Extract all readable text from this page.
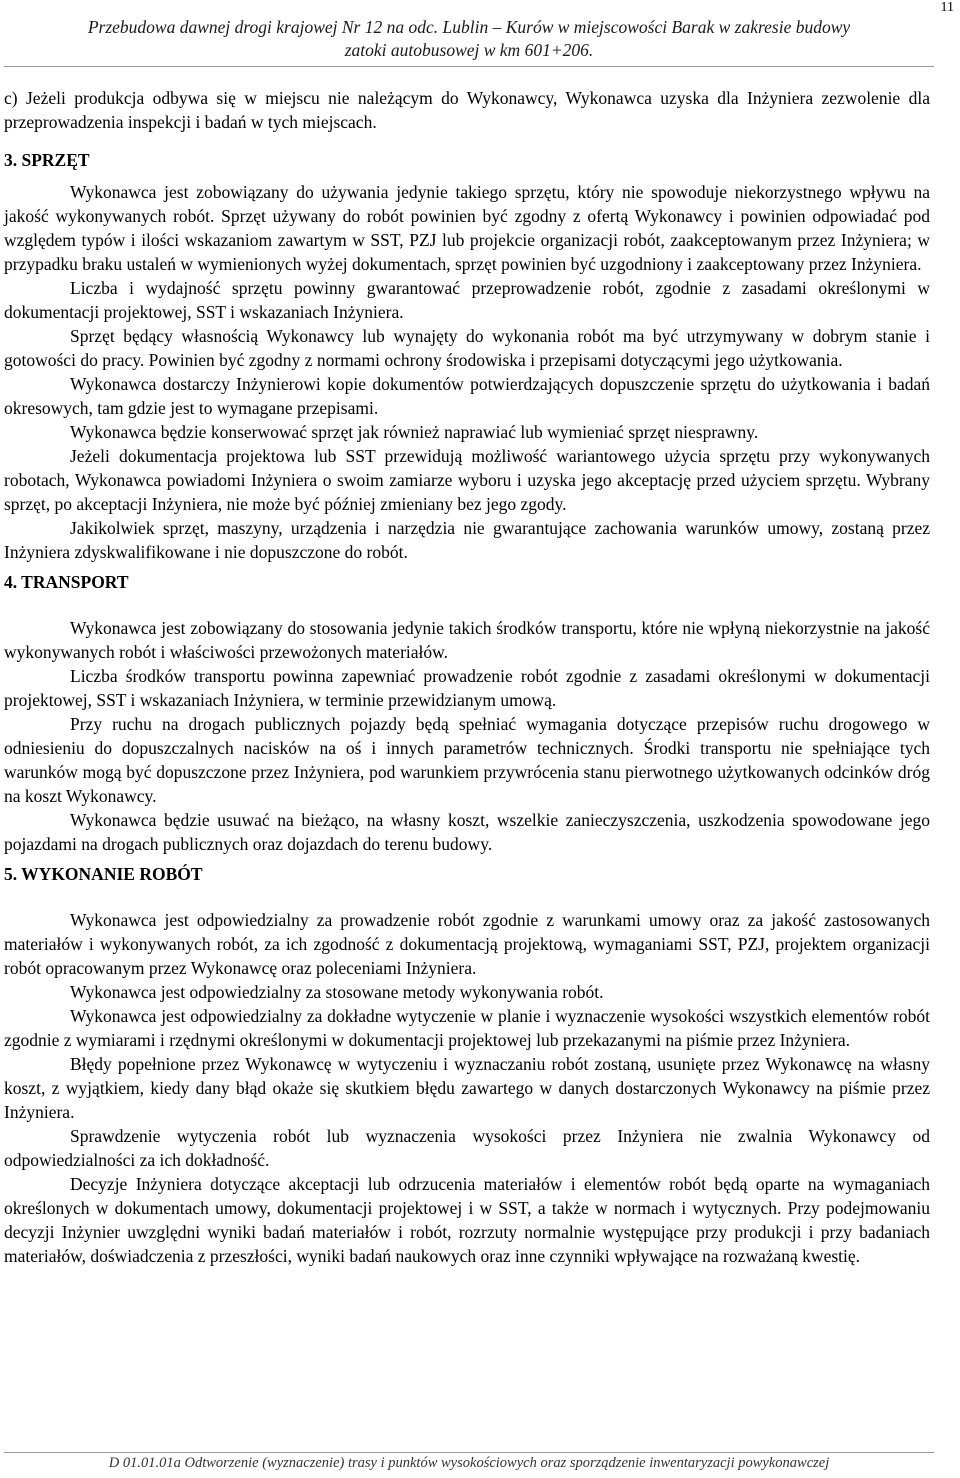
11
Przebudowa dawnej drogi krajowej Nr 12 na odc. Lublin – Kurów w miejscowości Barak w zakresie budowy
zatoki autobusowej w km 601+206.

c) Jeżeli produkcja odbywa się w miejscu nie należącym do Wykonawcy, Wykonawca uzyska dla Inżyniera zezwolenie dla przeprowadzenia inspekcji i badań w tych miejscach.

3. SPRZĘT

Wykonawca jest zobowiązany do używania jedynie takiego sprzętu, który nie spowoduje niekorzystnego wpływu na jakość wykonywanych robót. Sprzęt używany do robót powinien być zgodny z ofertą Wykonawcy i powinien odpowiadać pod względem typów i ilości wskazaniom zawartym w SST, PZJ lub projekcie organizacji robót, zaakceptowanym przez Inżyniera; w przypadku braku ustaleń w wymienionych wyżej dokumentach, sprzęt powinien być uzgodniony i zaakceptowany przez Inżyniera.

Liczba i wydajność sprzętu powinny gwarantować przeprowadzenie robót, zgodnie z zasadami określonymi w dokumentacji projektowej, SST i wskazaniach Inżyniera.

Sprzęt będący własnością Wykonawcy lub wynajęty do wykonania robót ma być utrzymywany w dobrym stanie i gotowości do pracy. Powinien być zgodny z normami ochrony środowiska i przepisami dotyczącymi jego użytkowania.

Wykonawca dostarczy Inżynierowi kopie dokumentów potwierdzających dopuszczenie sprzętu do użytkowania i badań okresowych, tam gdzie jest to wymagane przepisami.

Wykonawca będzie konserwować sprzęt jak również naprawiać lub wymieniać sprzęt niesprawny.

Jeżeli dokumentacja projektowa lub SST przewidują możliwość wariantowego użycia sprzętu przy wykonywanych robotach, Wykonawca powiadomi Inżyniera o swoim zamiarze wyboru i uzyska jego akceptację przed użyciem sprzętu. Wybrany sprzęt, po akceptacji Inżyniera, nie może być później zmieniany bez jego zgody.

Jakikolwiek sprzęt, maszyny, urządzenia i narzędzia nie gwarantujące zachowania warunków umowy, zostaną przez Inżyniera zdyskwalifikowane i nie dopuszczone do robót.

4. TRANSPORT

Wykonawca jest zobowiązany do stosowania jedynie takich środków transportu, które nie wpłyną niekorzystnie na jakość wykonywanych robót i właściwości przewożonych materiałów.

Liczba środków transportu powinna zapewniać prowadzenie robót zgodnie z zasadami określonymi w dokumentacji projektowej, SST i wskazaniach Inżyniera, w terminie przewidzianym umową.

Przy ruchu na drogach publicznych pojazdy będą spełniać wymagania dotyczące przepisów ruchu drogowego w odniesieniu do dopuszczalnych nacisków na oś i innych parametrów technicznych. Środki transportu nie spełniające tych warunków mogą być dopuszczone przez Inżyniera, pod warunkiem przywrócenia stanu pierwotnego użytkowanych odcinków dróg na koszt Wykonawcy.

Wykonawca będzie usuwać na bieżąco, na własny koszt, wszelkie zanieczyszczenia, uszkodzenia spowodowane jego pojazdami na drogach publicznych oraz dojazdach do terenu budowy.

5. WYKONANIE ROBÓT

Wykonawca jest odpowiedzialny za prowadzenie robót zgodnie z warunkami umowy oraz za jakość zastosowanych materiałów i wykonywanych robót, za ich zgodność z dokumentacją projektową, wymaganiami SST, PZJ, projektem organizacji robót opracowanym przez Wykonawcę oraz poleceniami Inżyniera.

Wykonawca jest odpowiedzialny za stosowane metody wykonywania robót.

Wykonawca jest odpowiedzialny za dokładne wytyczenie w planie i wyznaczenie wysokości wszystkich elementów robót zgodnie z wymiarami i rzędnymi określonymi w dokumentacji projektowej lub przekazanymi na piśmie przez Inżyniera.

Błędy popełnione przez Wykonawcę w wytyczeniu i wyznaczaniu robót zostaną, usunięte przez Wykonawcę na własny koszt, z wyjątkiem, kiedy dany błąd okaże się skutkiem błędu zawartego w danych dostarczonych Wykonawcy na piśmie przez Inżyniera.

Sprawdzenie wytyczenia robót lub wyznaczenia wysokości przez Inżyniera nie zwalnia Wykonawcy od odpowiedzialności za ich dokładność.

Decyzje Inżyniera dotyczące akceptacji lub odrzucenia materiałów i elementów robót będą oparte na wymaganiach określonych w dokumentach umowy, dokumentacji projektowej i w SST, a także w normach i wytycznych. Przy podejmowaniu decyzji Inżynier uwzględni wyniki badań materiałów i robót, rozrzuty normalnie występujące przy produkcji i przy badaniach materiałów, doświadczenia z przeszłości, wyniki badań naukowych oraz inne czynniki wpływające na rozważaną kwestię.

D 01.01.01a Odtworzenie (wyznaczenie) trasy i punktów wysokościowych oraz sporządzenie inwentaryzacji powykonawczej
